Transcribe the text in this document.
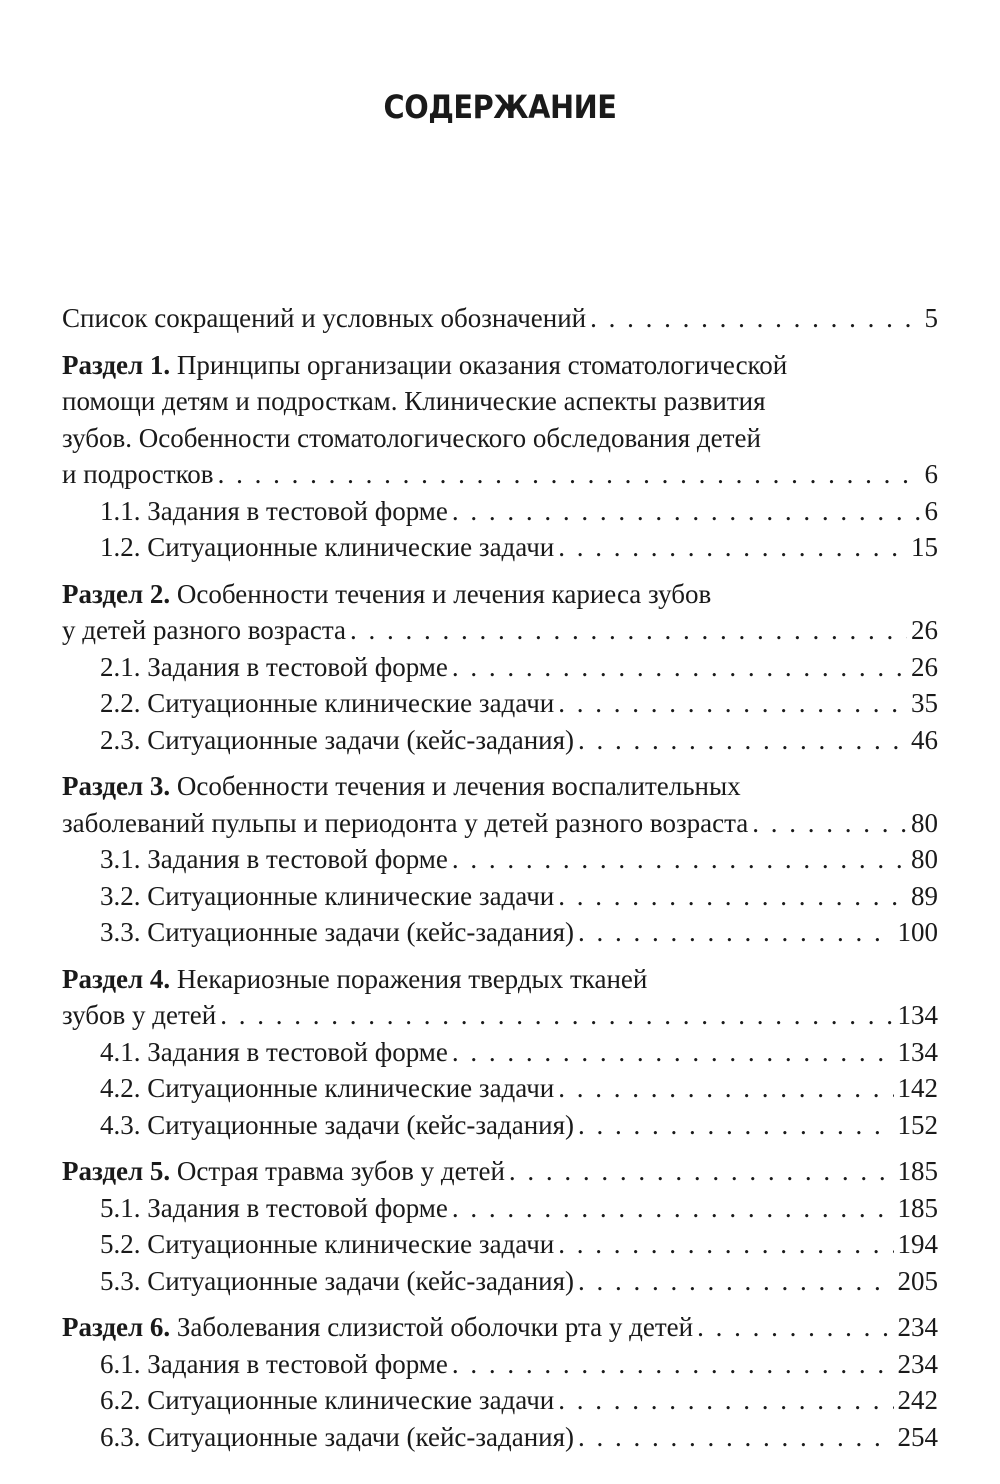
СОДЕРЖАНИЕ
Список сокращений и условных обозначений . . .	5
Раздел 1. Принципы организации оказания стоматологической
помощи детям и подросткам. Клинические аспекты развития
зубов. Особенности стоматологического обследования детей
и подростков . . .	6
1.1. Задания в тестовой форме . . .	6
1.2. Ситуационные клинические задачи . . .	15
Раздел 2. Особенности течения и лечения кариеса зубов
у детей разного возраста . . .	26
2.1. Задания в тестовой форме . . .	26
2.2. Ситуационные клинические задачи . . .	35
2.3. Ситуационные задачи (кейс-задания) . . .	46
Раздел 3. Особенности течения и лечения воспалительных
заболеваний пульпы и периодонта у детей разного возраста . . .	80
3.1. Задания в тестовой форме . . .	80
3.2. Ситуационные клинические задачи . . .	89
3.3. Ситуационные задачи (кейс-задания) . . .	100
Раздел 4. Некариозные поражения твердых тканей
зубов у детей . . .	134
4.1. Задания в тестовой форме . . .	134
4.2. Ситуационные клинические задачи . . .	142
4.3. Ситуационные задачи (кейс-задания) . . .	152
Раздел 5. Острая травма зубов у детей . . .	185
5.1. Задания в тестовой форме . . .	185
5.2. Ситуационные клинические задачи . . .	194
5.3. Ситуационные задачи (кейс-задания) . . .	205
Раздел 6. Заболевания слизистой оболочки рта у детей . . .	234
6.1. Задания в тестовой форме . . .	234
6.2. Ситуационные клинические задачи . . .	242
6.3. Ситуационные задачи (кейс-задания) . . .	254
